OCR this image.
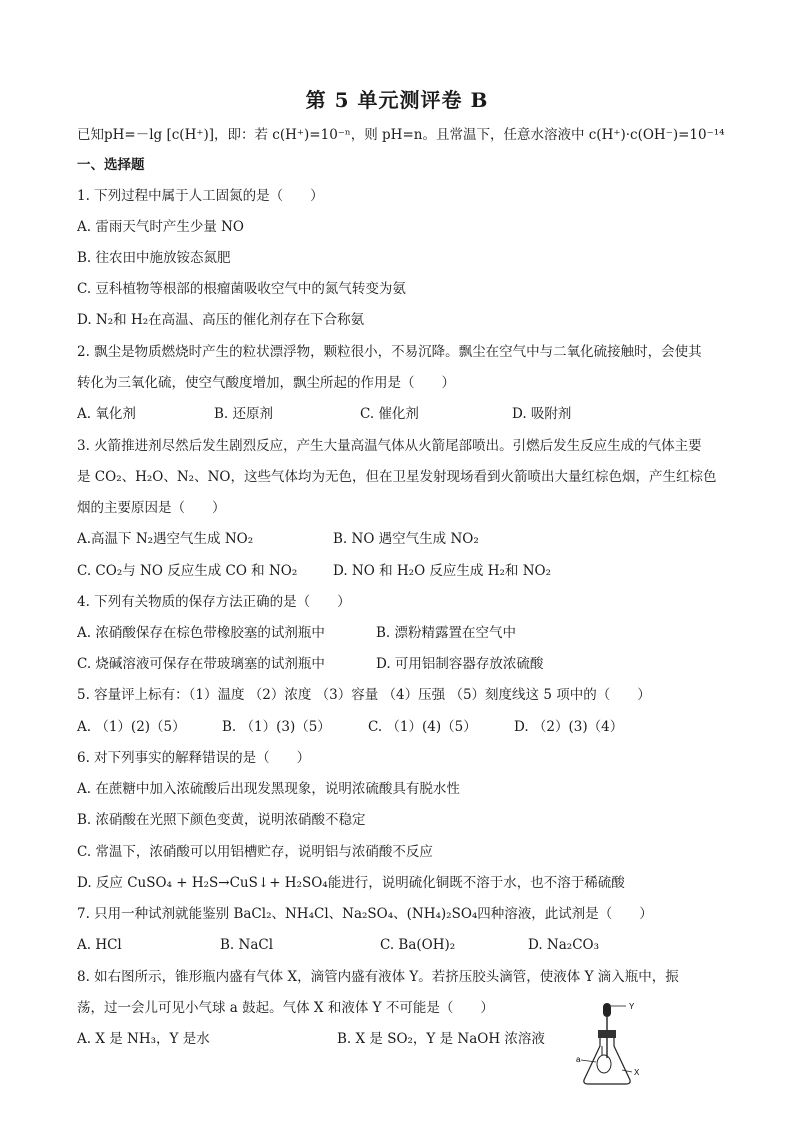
第 5 单元测评卷 B
已知pH=－lg [c(H⁺)]，即：若 c(H⁺)=10⁻ⁿ，则 pH=n。且常温下，任意水溶液中 c(H⁺)·c(OH⁻)=10⁻¹⁴
一、选择题
1. 下列过程中属于人工固氮的是（　　）
A. 雷雨天气时产生少量 NO
B. 往农田中施放铵态氮肥
C. 豆科植物等根部的根瘤菌吸收空气中的氮气转变为氨
D. N₂和 H₂在高温、高压的催化剂存在下合称氨
2. 飘尘是物质燃烧时产生的粒状漂浮物，颗粒很小，不易沉降。飘尘在空气中与二氧化硫接触时，会使其
转化为三氧化硫，使空气酸度增加，飘尘所起的作用是（　　）
A. 氧化剂	B. 还原剂	C. 催化剂	D. 吸附剂
3. 火箭推进剂尽然后发生剧烈反应，产生大量高温气体从火箭尾部喷出。引燃后发生反应生成的气体主要
是 CO₂、H₂O、N₂、NO，这些气体均为无色，但在卫星发射现场看到火箭喷出大量红棕色烟，产生红棕色
烟的主要原因是（　　）
A.高温下 N₂遇空气生成 NO₂	B. NO 遇空气生成 NO₂
C. CO₂与 NO 反应生成 CO 和 NO₂	D. NO 和 H₂O 反应生成 H₂和 NO₂
4. 下列有关物质的保存方法正确的是（　　）
A. 浓硝酸保存在棕色带橡胶塞的试剂瓶中	B. 漂粉精露置在空气中
C. 烧碱溶液可保存在带玻璃塞的试剂瓶中	D. 可用铝制容器存放浓硫酸
5. 容量评上标有：（1）温度 （2）浓度 （3）容量 （4）压强 （5）刻度线这 5 项中的（　　）
A. （1）(2)（5）	B. （1）(3)（5）	C. （1）(4)（5）	D. （2）(3)（4）
6. 对下列事实的解释错误的是（　　）
A. 在蔗糖中加入浓硫酸后出现发黑现象，说明浓硫酸具有脱水性
B. 浓硝酸在光照下颜色变黄，说明浓硝酸不稳定
C. 常温下，浓硝酸可以用铝槽贮存，说明铝与浓硝酸不反应
D. 反应 CuSO₄ + H₂S→CuS↓+ H₂SO₄能进行，说明硫化铜既不溶于水，也不溶于稀硫酸
7. 只用一种试剂就能鉴别 BaCl₂、NH₄Cl、Na₂SO₄、(NH₄)₂SO₄四种溶液，此试剂是（　　）
A. HCl	B. NaCl	C. Ba(OH)₂	D. Na₂CO₃
8. 如右图所示，锥形瓶内盛有气体 X，滴管内盛有液体 Y。若挤压胶头滴管，使液体 Y 滴入瓶中，振
荡，过一会儿可见小气球 a 鼓起。气体 X 和液体 Y 不可能是（　　）
A. X 是 NH₃，Y 是水	B. X 是 SO₂，Y 是 NaOH 浓溶液
Y
a
X
